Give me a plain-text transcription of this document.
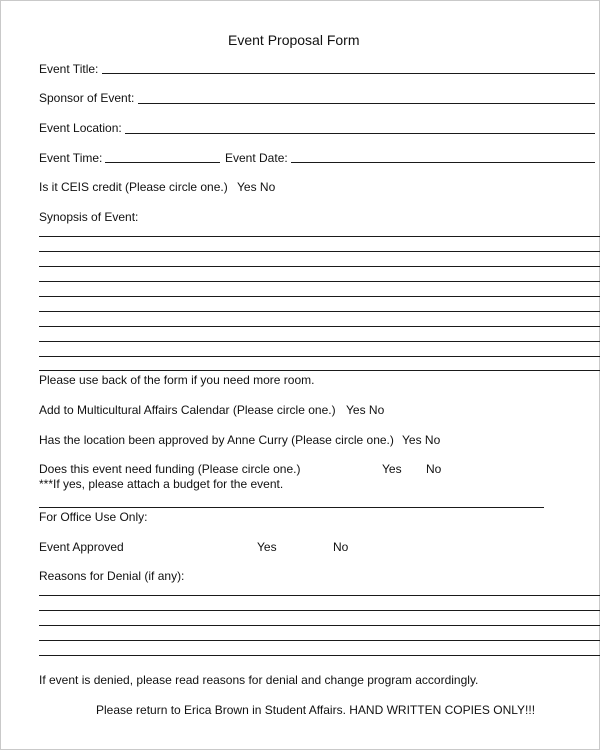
Event Proposal Form
Event Title:
Sponsor of Event:
Event Location:
Event Time:	Event Date:
Is it CEIS credit (Please circle one.) Yes No
Synopsis of Event:
Please use back of the form if you need more room.
Add to Multicultural Affairs Calendar (Please circle one.) Yes No
Has the location been approved by Anne Curry (Please circle one.) Yes No
Does this event need funding (Please circle one.)	Yes No
***If yes, please attach a budget for the event.
For Office Use Only:
Event Approved	Yes	No
Reasons for Denial (if any):
If event is denied, please read reasons for denial and change program accordingly.
Please return to Erica Brown in Student Affairs. HAND WRITTEN COPIES ONLY!!!
